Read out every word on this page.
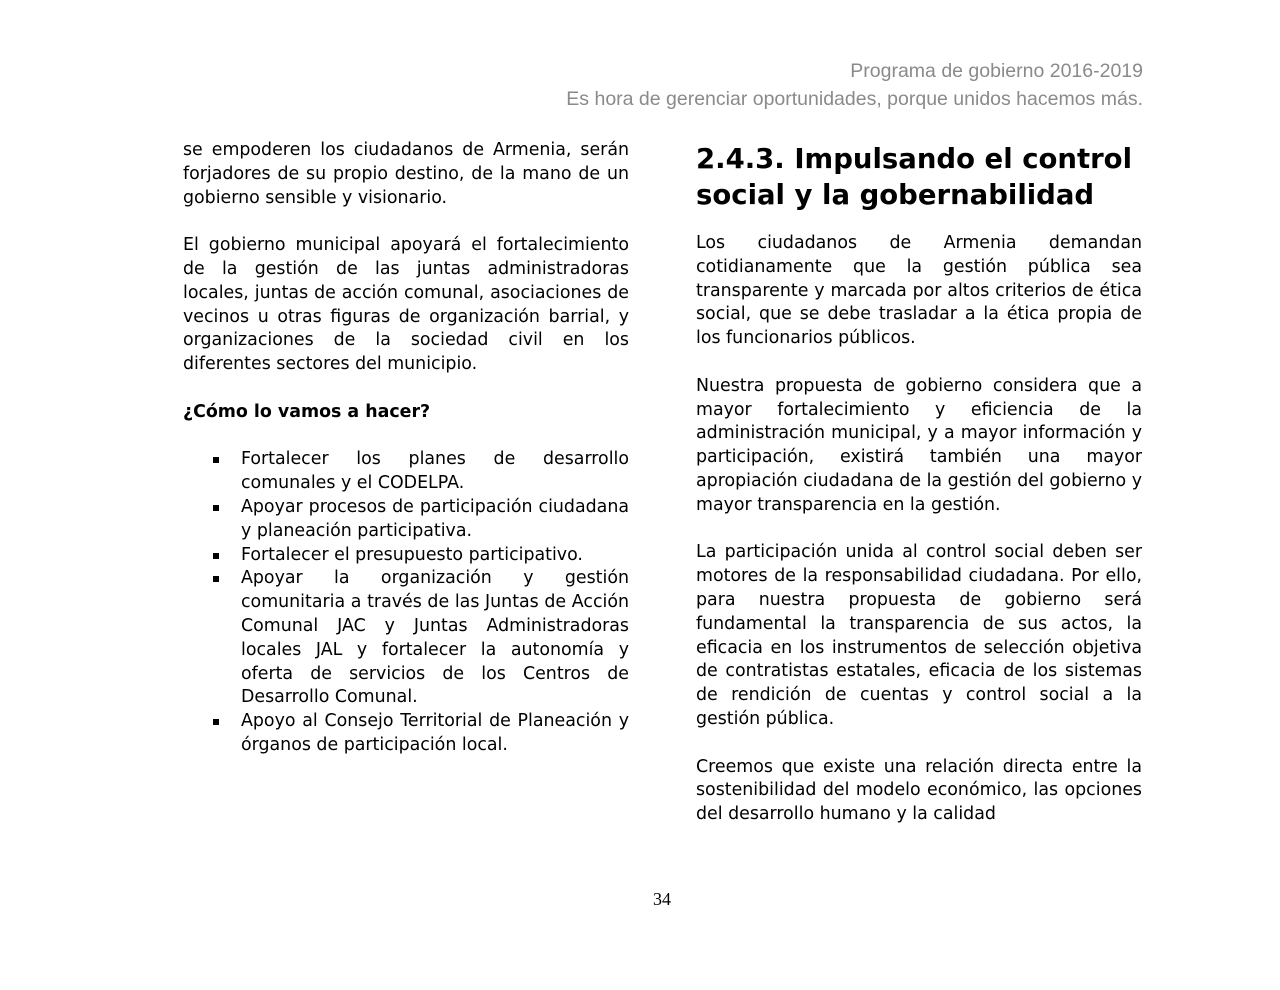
Programa de gobierno 2016-2019
Es hora de gerenciar oportunidades, porque unidos hacemos más.

se empoderen los ciudadanos de Armenia, serán forjadores de su propio destino, de la mano de un gobierno sensible y visionario.

El gobierno municipal apoyará el fortalecimiento de la gestión de las juntas administradoras locales, juntas de acción comunal, asociaciones de vecinos u otras figuras de organización barrial, y organizaciones de la sociedad civil en los diferentes sectores del municipio.

¿Cómo lo vamos a hacer?
Fortalecer los planes de desarrollo comunales y el CODELPA.
Apoyar procesos de participación ciudadana y planeación participativa.
Fortalecer el presupuesto participativo.
Apoyar la organización y gestión comunitaria a través de las Juntas de Acción Comunal JAC y Juntas Administradoras locales JAL y fortalecer la autonomía y oferta de servicios de los Centros de Desarrollo Comunal.
Apoyo al Consejo Territorial de Planeación y órganos de participación local.
2.4.3. Impulsando el control social y la gobernabilidad

Los ciudadanos de Armenia demandan cotidianamente que la gestión pública sea transparente y marcada por altos criterios de ética social, que se debe trasladar a la ética propia de los funcionarios públicos.

Nuestra propuesta de gobierno considera que a mayor fortalecimiento y eficiencia de la administración municipal, y a mayor información y participación, existirá también una mayor apropiación ciudadana de la gestión del gobierno y mayor transparencia en la gestión.

La participación unida al control social deben ser motores de la responsabilidad ciudadana. Por ello, para nuestra propuesta de gobierno será fundamental la transparencia de sus actos, la eficacia en los instrumentos de selección objetiva de contratistas estatales, eficacia de los sistemas de rendición de cuentas y control social a la gestión pública.

Creemos que existe una relación directa entre la sostenibilidad del modelo económico, las opciones del desarrollo humano y la calidad

34
